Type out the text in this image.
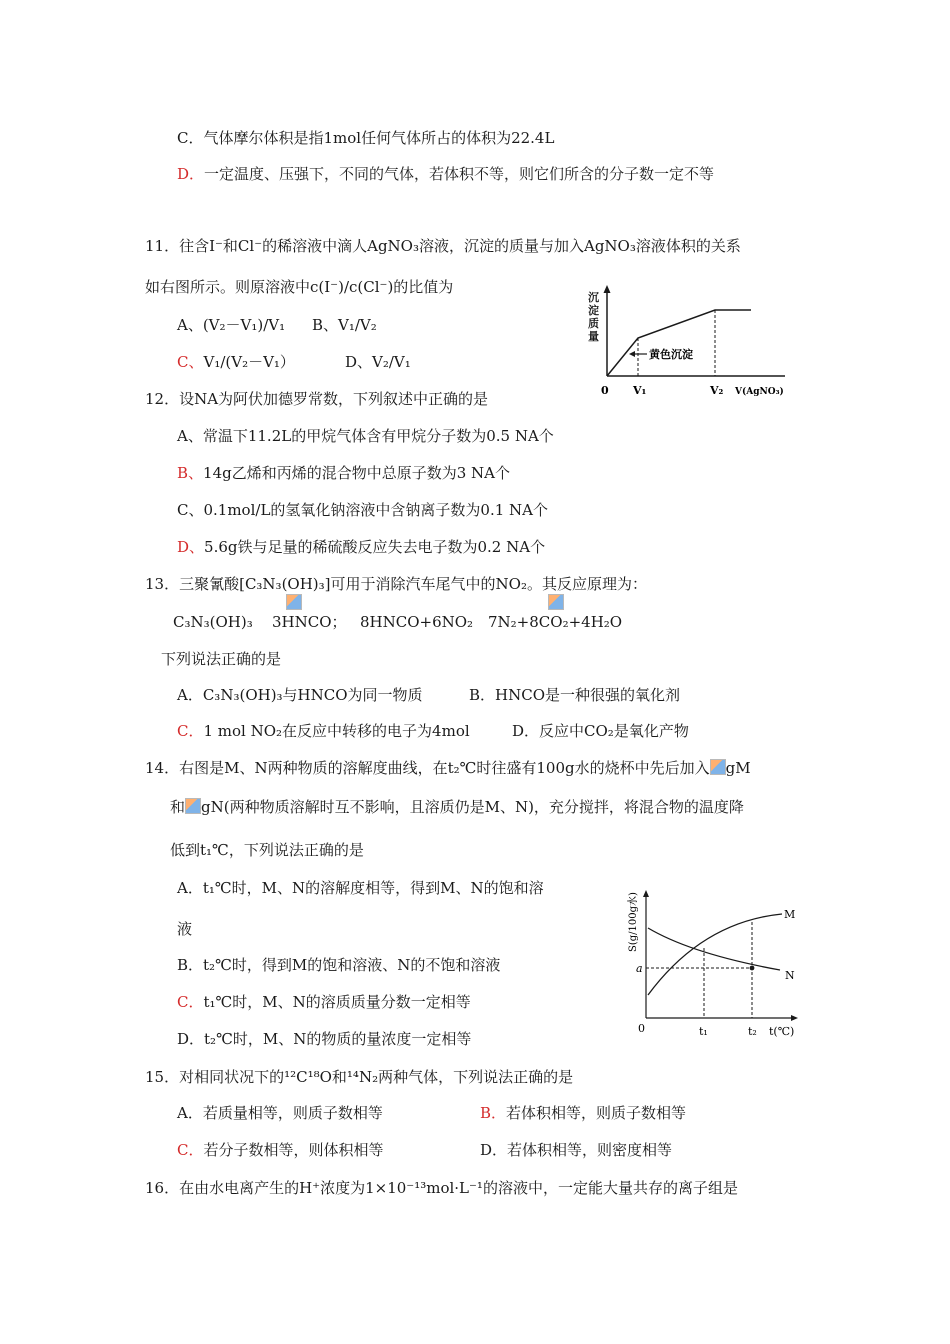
C．气体摩尔体积是指1mol任何气体所占的体积为22.4L
D．一定温度、压强下，不同的气体，若体积不等，则它们所含的分子数一定不等
11．往含I⁻和Cl⁻的稀溶液中滴人AgNO₃溶液，沉淀的质量与加入AgNO₃溶液体积的关系
如右图所示。则原溶液中c(I⁻)/c(Cl⁻)的比值为
A、(V₂－V₁)/V₁ B、V₁/V₂
C、V₁/(V₂－V₁）	D、V₂/V₁
沉
淀
质
量
黄色沉淀
0 V₁	V₂ V(AgNO₃)
12．设NA为阿伏加德罗常数，下列叙述中正确的是
A、常温下11.2L的甲烷气体含有甲烷分子数为0.5 NA个
B、14g乙烯和丙烯的混合物中总原子数为3 NA个
C、0.1mol/L的氢氧化钠溶液中含钠离子数为0.1 NA个
D、5.6g铁与足量的稀硫酸反应失去电子数为0.2 NA个
13．三聚氰酸[C₃N₃(OH)₃]可用于消除汽车尾气中的NO₂。其反应原理为：
C₃N₃(OH)₃ 3HNCO； 8HNCO+6NO₂ 7N₂+8CO₂+4H₂O
下列说法正确的是
A．C₃N₃(OH)₃与HNCO为同一物质	B．HNCO是一种很强的氧化剂
C．1 mol NO₂在反应中转移的电子为4mol	D．反应中CO₂是氧化产物
14．右图是M、N两种物质的溶解度曲线，在t₂℃时往盛有100g水的烧杯中先后加入 gM
和 gN(两种物质溶解时互不影响，且溶质仍是M、N)，充分搅拌，将混合物的温度降
低到t₁℃，下列说法正确的是
A．t₁℃时，M、N的溶解度相等，得到M、N的饱和溶
液
B．t₂℃时，得到M的饱和溶液、N的不饱和溶液
C．t₁℃时，M、N的溶质质量分数一定相等
D．t₂℃时，M、N的物质的量浓度一定相等
S(g/100g水)
a
M
N
0	t₁	t₂ t(℃)
15．对相同状况下的¹²C¹⁸O和¹⁴N₂两种气体，下列说法正确的是
A．若质量相等，则质子数相等	B．若体积相等，则质子数相等
C．若分子数相等，则体积相等	D．若体积相等，则密度相等
16．在由水电离产生的H⁺浓度为1×10⁻¹³mol·L⁻¹的溶液中，一定能大量共存的离子组是
